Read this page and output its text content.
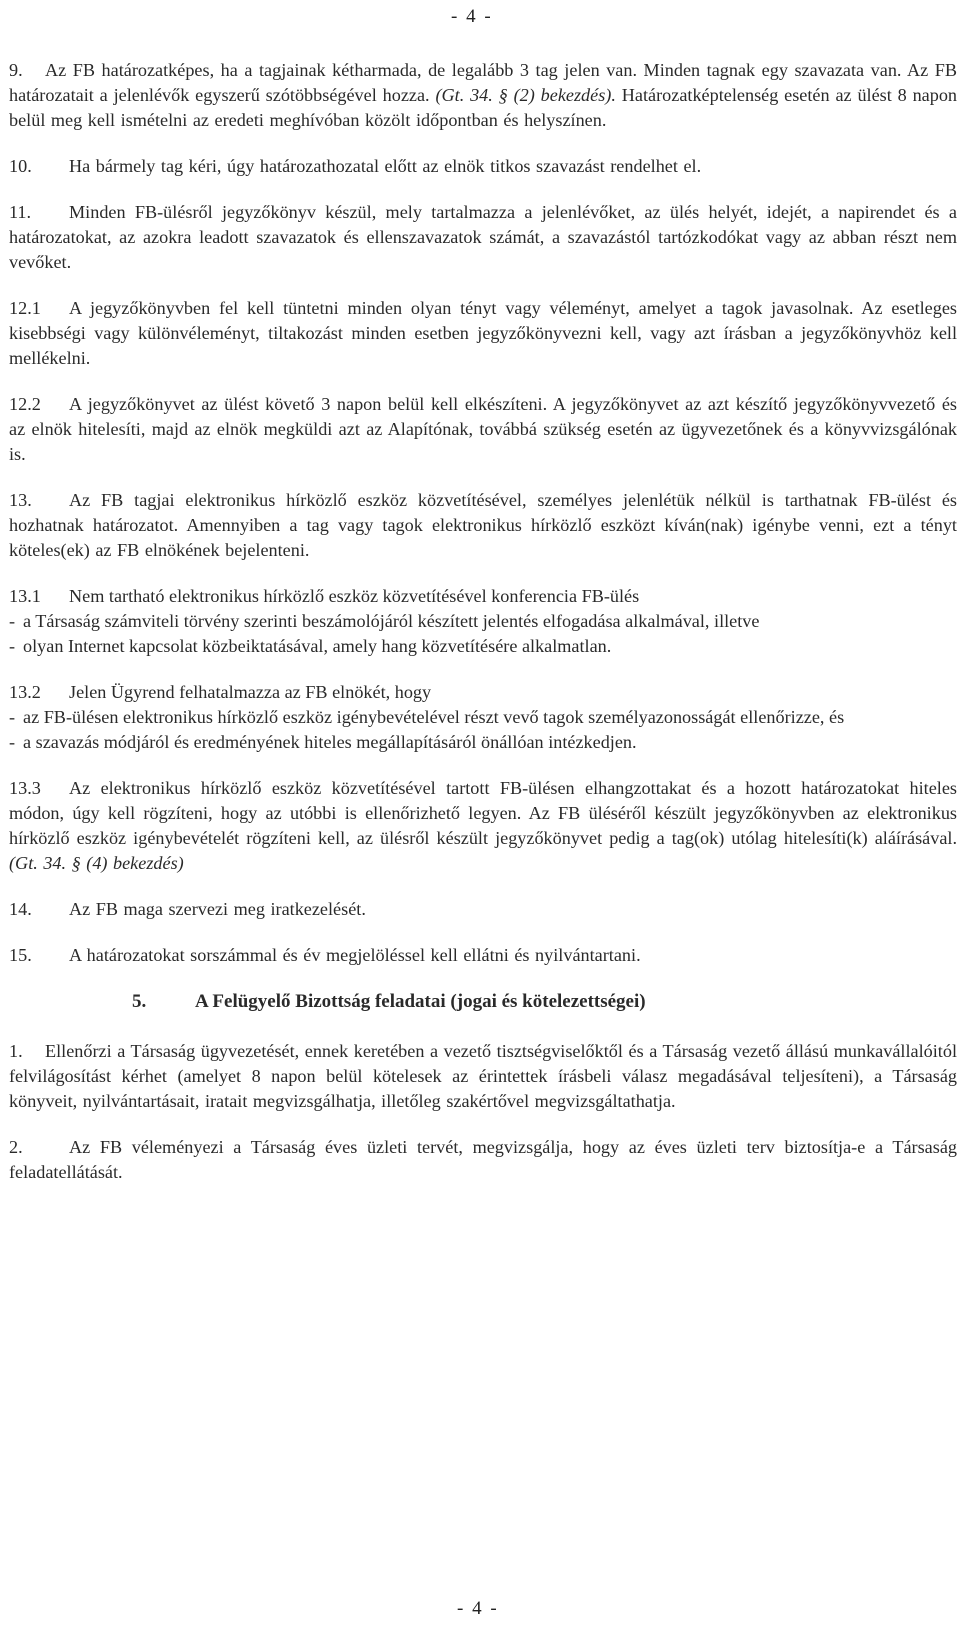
- 4 -

9. Az FB határozatképes, ha a tagjainak kétharmada, de legalább 3 tag jelen van. Minden tagnak egy szavazata van. Az FB határozatait a jelenlévők egyszerű szótöbbségével hozza. (Gt. 34. § (2) bekezdés). Határozatképtelenség esetén az ülést 8 napon belül meg kell ismételni az eredeti meghívóban közölt időpontban és helyszínen.

10. Ha bármely tag kéri, úgy határozathozatal előtt az elnök titkos szavazást rendelhet el.

11. Minden FB-ülésről jegyzőkönyv készül, mely tartalmazza a jelenlévőket, az ülés helyét, idejét, a napirendet és a határozatokat, az azokra leadott szavazatok és ellenszavazatok számát, a szavazástól tartózkodókat vagy az abban részt nem vevőket.

12.1 A jegyzőkönyvben fel kell tüntetni minden olyan tényt vagy véleményt, amelyet a tagok javasolnak. Az esetleges kisebbségi vagy különvéleményt, tiltakozást minden esetben jegyzőkönyvezni kell, vagy azt írásban a jegyzőkönyvhöz kell mellékelni.

12.2 A jegyzőkönyvet az ülést követő 3 napon belül kell elkészíteni. A jegyzőkönyvet az azt készítő jegyzőkönyvvezető és az elnök hitelesíti, majd az elnök megküldi azt az Alapítónak, továbbá szükség esetén az ügyvezetőnek és a könyvvizsgálónak is.

13. Az FB tagjai elektronikus hírközlő eszköz közvetítésével, személyes jelenlétük nélkül is tarthatnak FB-ülést és hozhatnak határozatot. Amennyiben a tag vagy tagok elektronikus hírközlő eszközt kíván(nak) igénybe venni, ezt a tényt köteles(ek) az FB elnökének bejelenteni.

13.1 Nem tartható elektronikus hírközlő eszköz közvetítésével konferencia FB-ülés
- a Társaság számviteli törvény szerinti beszámolójáról készített jelentés elfogadása alkalmával, illetve
- olyan Internet kapcsolat közbeiktatásával, amely hang közvetítésére alkalmatlan.
13.2 Jelen Ügyrend felhatalmazza az FB elnökét, hogy
- az FB-ülésen elektronikus hírközlő eszköz igénybevételével részt vevő tagok személyazonosságát ellenőrizze, és
- a szavazás módjáról és eredményének hiteles megállapításáról önállóan intézkedjen.

13.3 Az elektronikus hírközlő eszköz közvetítésével tartott FB-ülésen elhangzottakat és a hozott határozatokat hiteles módon, úgy kell rögzíteni, hogy az utóbbi is ellenőrizhető legyen. Az FB üléséről készült jegyzőkönyvben az elektronikus hírközlő eszköz igénybevételét rögzíteni kell, az ülésről készült jegyzőkönyvet pedig a tag(ok) utólag hitelesíti(k) aláírásával. (Gt. 34. § (4) bekezdés)

14. Az FB maga szervezi meg iratkezelését.

15. A határozatokat sorszámmal és év megjelöléssel kell ellátni és nyilvántartani.

5.	A Felügyelő Bizottság feladatai (jogai és kötelezettségei)

1. Ellenőrzi a Társaság ügyvezetését, ennek keretében a vezető tisztségviselőktől és a Társaság vezető állású munkavállalóitól felvilágosítást kérhet (amelyet 8 napon belül kötelesek az érintettek írásbeli válasz megadásával teljesíteni), a Társaság könyveit, nyilvántartásait, iratait megvizsgálhatja, illetőleg szakértővel megvizsgáltathatja.

2.	Az FB véleményezi a Társaság éves üzleti tervét, megvizsgálja, hogy az éves üzleti terv biztosítja-e a Társaság feladatellátását.

- 4 -
